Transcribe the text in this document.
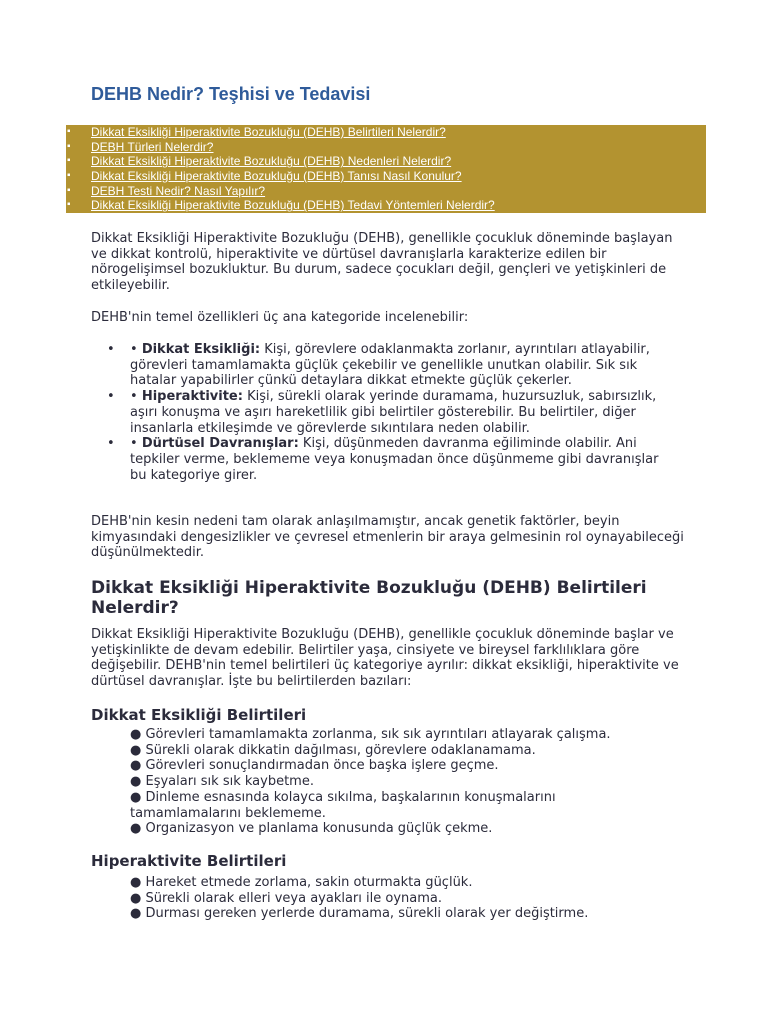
DEHB Nedir? Teşhisi ve Tedavisi
▪ Dikkat Eksikliği Hiperaktivite Bozukluğu (DEHB) Belirtileri Nelerdir?
▪ DEBH Türleri Nelerdir?
▪ Dikkat Eksikliği Hiperaktivite Bozukluğu (DEHB) Nedenleri Nelerdir?
▪ Dikkat Eksikliği Hiperaktivite Bozukluğu (DEHB) Tanısı Nasıl Konulur?
▪ DEBH Testi Nedir? Nasıl Yapılır?
▪ Dikkat Eksikliği Hiperaktivite Bozukluğu (DEHB) Tedavi Yöntemleri Nelerdir?

Dikkat Eksikliği Hiperaktivite Bozukluğu (DEHB), genellikle çocukluk döneminde başlayan ve dikkat kontrolü, hiperaktivite ve dürtüsel davranışlarla karakterize edilen bir nörogelişimsel bozukluktur. Bu durum, sadece çocukları değil, gençleri ve yetişkinleri de etkileyebilir.

DEHB'nin temel özellikleri üç ana kategoride incelenebilir:

• • Dikkat Eksikliği: Kişi, görevlere odaklanmakta zorlanır, ayrıntıları atlayabilir, görevleri tamamlamakta güçlük çekebilir ve genellikle unutkan olabilir. Sık sık hatalar yapabilirler çünkü detaylara dikkat etmekte güçlük çekerler.
• • Hiperaktivite: Kişi, sürekli olarak yerinde duramama, huzursuzluk, sabırsızlık, aşırı konuşma ve aşırı hareketlilik gibi belirtiler gösterebilir. Bu belirtiler, diğer insanlarla etkileşimde ve görevlerde sıkıntılara neden olabilir.
• • Dürtüsel Davranışlar: Kişi, düşünmeden davranma eğiliminde olabilir. Ani tepkiler verme, beklememe veya konuşmadan önce düşünmeme gibi davranışlar bu kategoriye girer.

DEHB'nin kesin nedeni tam olarak anlaşılmamıştır, ancak genetik faktörler, beyin kimyasındaki dengesizlikler ve çevresel etmenlerin bir araya gelmesinin rol oynayabileceği düşünülmektedir.

Dikkat Eksikliği Hiperaktivite Bozukluğu (DEHB) Belirtileri Nelerdir?

Dikkat Eksikliği Hiperaktivite Bozukluğu (DEHB), genellikle çocukluk döneminde başlar ve yetişkinlikte de devam edebilir. Belirtiler yaşa, cinsiyete ve bireysel farklılıklara göre değişebilir. DEHB'nin temel belirtileri üç kategoriye ayrılır: dikkat eksikliği, hiperaktivite ve dürtüsel davranışlar. İşte bu belirtilerden bazıları:

Dikkat Eksikliği Belirtileri
● Görevleri tamamlamakta zorlanma, sık sık ayrıntıları atlayarak çalışma.
● Sürekli olarak dikkatin dağılması, görevlere odaklanamama.
● Görevleri sonuçlandırmadan önce başka işlere geçme.
● Eşyaları sık sık kaybetme.
● Dinleme esnasında kolayca sıkılma, başkalarının konuşmalarını tamamlamalarını beklememe.
● Organizasyon ve planlama konusunda güçlük çekme.
Hiperaktivite Belirtileri
● Hareket etmede zorlama, sakin oturmakta güçlük.
● Sürekli olarak elleri veya ayakları ile oynama.
● Durması gereken yerlerde duramama, sürekli olarak yer değiştirme.
